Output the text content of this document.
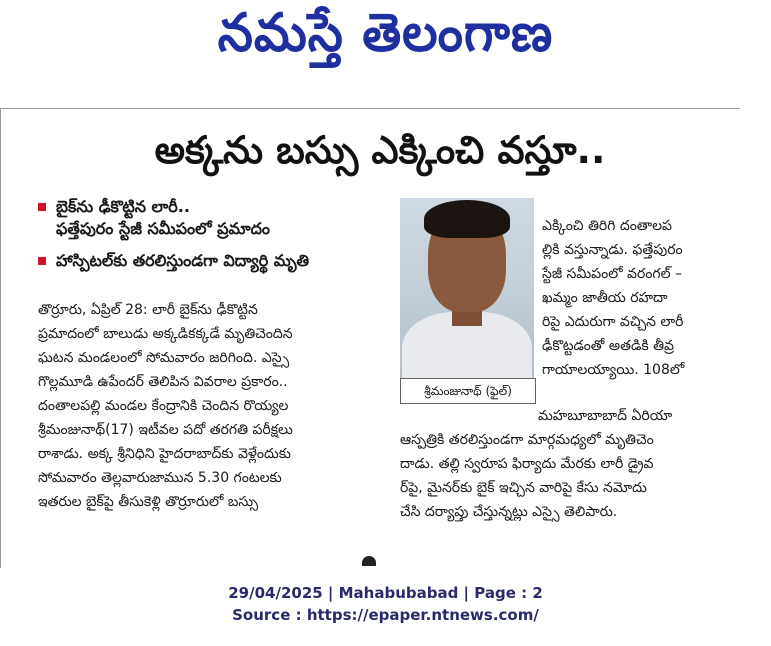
నమస్తే తెలంగాణ
అక్కను బస్సు ఎక్కించి వస్తూ..
బైక్‌ను ఢీకొట్టిన లారీ..
ఫత్తేపురం స్టేజీ సమీపంలో ప్రమాదం
హాస్పిటల్‌కు తరలిస్తుండగా విద్యార్థి మృతి
శ్రీమంజునాథ్ (ఫైల్)
తొర్రూరు, ఏప్రిల్ 28: లారీ బైక్‌ను ఢీకొట్టిన
ప్రమాదంలో బాలుడు అక్కడికక్కడే మృతిచెందిన
ఘటన మండలంలో సోమవారం జరిగింది. ఎస్సై
గొల్లమూడి ఉపేందర్ తెలిపిన వివరాల ప్రకారం..
దంతాలపల్లి మండల కేంద్రానికి చెందిన రొయ్యల
శ్రీమంజునాథ్(17) ఇటీవల పదో తరగతి పరీక్షలు
రాశాడు. అక్క శ్రీనిధిని హైదరాబాద్‌కు వెళ్లేందుకు
సోమవారం తెల్లవారుజామున 5.30 గంటలకు
ఇతరుల బైక్‌పై తీసుకెళ్లి తొర్రూరులో బస్సు
ఎక్కించి తిరిగి దంతాలప
ల్లికి వస్తున్నాడు. ఫత్తేపురం
స్టేజీ సమీపంలో వరంగల్ –
ఖమ్మం జాతీయ రహదా
రిపై ఎదురుగా వచ్చిన లారీ
ఢీకొట్టడంతో అతడికి తీవ్ర
గాయాలయ్యాయి. 108లో
మహబూబాబాద్ ఏరియా
ఆస్పత్రికి తరలిస్తుండగా మార్గమధ్యలో మృతిచెం
దాడు. తల్లి స్వరూప ఫిర్యాదు మేరకు లారీ డ్రైవ
ర్‌పై, మైనర్‌కు బైక్ ఇచ్చిన వారిపై కేసు నమోదు
చేసి దర్యాప్తు చేస్తున్నట్లు ఎస్సై తెలిపారు.
29/04/2025 | Mahabubabad | Page : 2
Source : https://epaper.ntnews.com/
